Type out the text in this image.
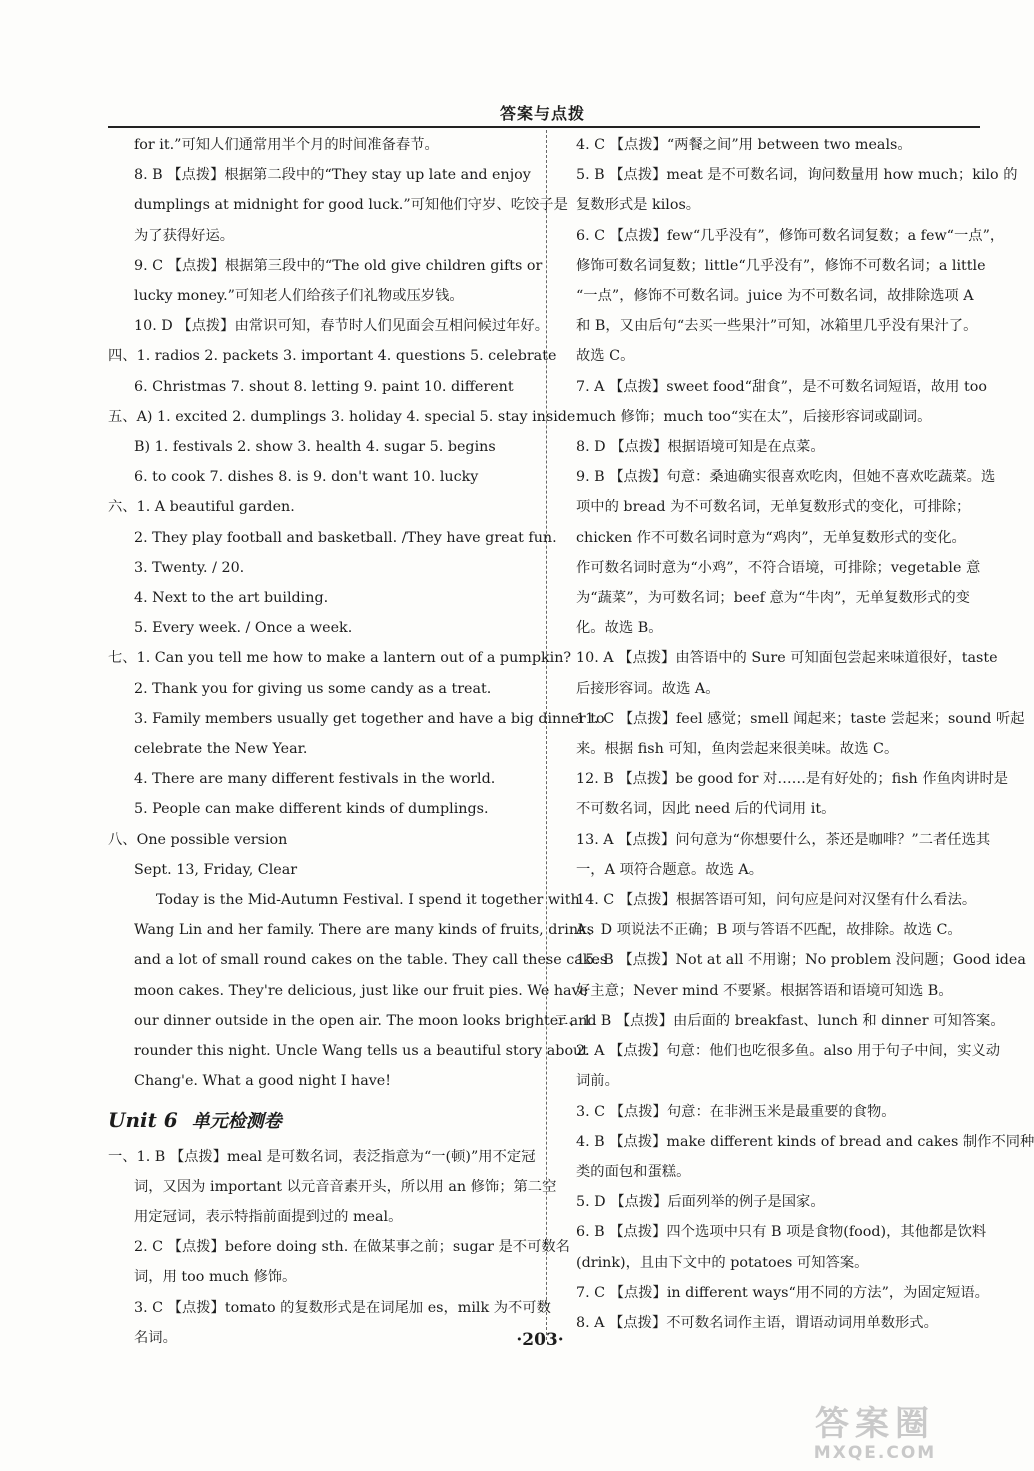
答案与点拨
for it.”可知人们通常用半个月的时间准备春节。
8. B 【点拨】根据第二段中的“They stay up late and enjoy
dumplings at midnight for good luck.”可知他们守岁、吃饺子是
为了获得好运。
9. C 【点拨】根据第三段中的“The old give children gifts or
lucky money.”可知老人们给孩子们礼物或压岁钱。
10. D 【点拨】由常识可知，春节时人们见面会互相问候过年好。
四、1. radios 2. packets 3. important 4. questions 5. celebrate
6. Christmas 7. shout 8. letting 9. paint 10. different
五、A) 1. excited 2. dumplings 3. holiday 4. special 5. stay inside
B) 1. festivals 2. show 3. health 4. sugar 5. begins
6. to cook 7. dishes 8. is 9. don't want 10. lucky
六、1. A beautiful garden.
2. They play football and basketball. /They have great fun.
3. Twenty. / 20.
4. Next to the art building.
5. Every week. / Once a week.
七、1. Can you tell me how to make a lantern out of a pumpkin?
2. Thank you for giving us some candy as a treat.
3. Family members usually get together and have a big dinner to
celebrate the New Year.
4. There are many different festivals in the world.
5. People can make different kinds of dumplings.
八、One possible version
Sept. 13, Friday, Clear
Today is the Mid-Autumn Festival. I spend it together with
Wang Lin and her family. There are many kinds of fruits, drinks
and a lot of small round cakes on the table. They call these cakes
moon cakes. They're delicious, just like our fruit pies. We have
our dinner outside in the open air. The moon looks brighter and
rounder this night. Uncle Wang tells us a beautiful story about
Chang'e. What a good night I have!
Unit 6 单元检测卷
一、1. B 【点拨】meal 是可数名词，表泛指意为“一(顿)”用不定冠
词，又因为 important 以元音音素开头，所以用 an 修饰；第二空
用定冠词，表示特指前面提到过的 meal。
2. C 【点拨】before doing sth. 在做某事之前；sugar 是不可数名
词，用 too much 修饰。
3. C 【点拨】tomato 的复数形式是在词尾加 es，milk 为不可数
名词。
4. C 【点拨】“两餐之间”用 between two meals。
5. B 【点拨】meat 是不可数名词，询问数量用 how much；kilo 的
复数形式是 kilos。
6. C 【点拨】few“几乎没有”，修饰可数名词复数；a few“一点”，
修饰可数名词复数；little“几乎没有”，修饰不可数名词；a little
“一点”，修饰不可数名词。juice 为不可数名词，故排除选项 A
和 B，又由后句“去买一些果汁”可知，冰箱里几乎没有果汁了。
故选 C。
7. A 【点拨】sweet food“甜食”，是不可数名词短语，故用 too
much 修饰；much too“实在太”，后接形容词或副词。
8. D 【点拨】根据语境可知是在点菜。
9. B 【点拨】句意：桑迪确实很喜欢吃肉，但她不喜欢吃蔬菜。选
项中的 bread 为不可数名词，无单复数形式的变化，可排除；
chicken 作不可数名词时意为“鸡肉”，无单复数形式的变化。
作可数名词时意为“小鸡”，不符合语境，可排除；vegetable 意
为“蔬菜”，为可数名词；beef 意为“牛肉”，无单复数形式的变
化。故选 B。
10. A 【点拨】由答语中的 Sure 可知面包尝起来味道很好，taste
后接形容词。故选 A。
11. C 【点拨】feel 感觉；smell 闻起来；taste 尝起来；sound 听起
来。根据 fish 可知，鱼肉尝起来很美味。故选 C。
12. B 【点拨】be good for 对……是有好处的；fish 作鱼肉讲时是
不可数名词，因此 need 后的代词用 it。
13. A 【点拨】问句意为“你想要什么，茶还是咖啡？”二者任选其
一，A 项符合题意。故选 A。
14. C 【点拨】根据答语可知，问句应是问对汉堡有什么看法。
A、D 项说法不正确；B 项与答语不匹配，故排除。故选 C。
15. B 【点拨】Not at all 不用谢；No problem 没问题；Good idea
好主意；Never mind 不要紧。根据答语和语境可知选 B。
二、1. B 【点拨】由后面的 breakfast、lunch 和 dinner 可知答案。
2. A 【点拨】句意：他们也吃很多鱼。also 用于句子中间，实义动
词前。
3. C 【点拨】句意：在非洲玉米是最重要的食物。
4. B 【点拨】make different kinds of bread and cakes 制作不同种
类的面包和蛋糕。
5. D 【点拨】后面列举的例子是国家。
6. B 【点拨】四个选项中只有 B 项是食物(food)，其他都是饮料
(drink)，且由下文中的 potatoes 可知答案。
7. C 【点拨】in different ways“用不同的方法”，为固定短语。
8. A 【点拨】不可数名词作主语，谓语动词用单数形式。
·203·
答案圈
MXQE.COM
